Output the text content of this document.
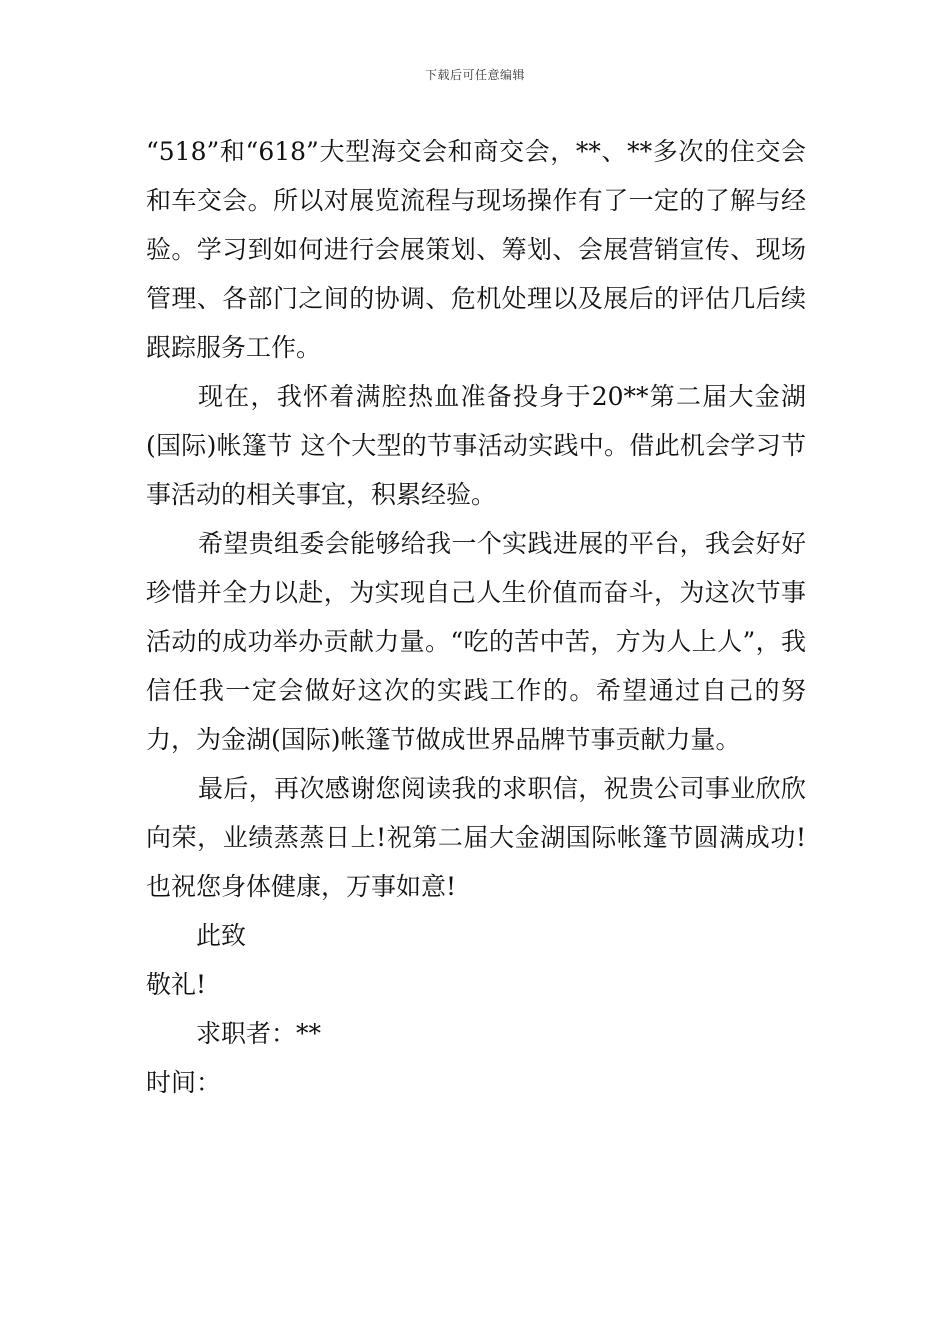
下载后可任意编辑

“518”和“618”大型海交会和商交会，**、**多次的住交会和车交会。所以对展览流程与现场操作有了一定的了解与经验。学习到如何进行会展策划、筹划、会展营销宣传、现场管理、各部门之间的协调、危机处理以及展后的评估几后续跟踪服务工作。

现在，我怀着满腔热血准备投身于20**第二届大金湖(国际)帐篷节 这个大型的节事活动实践中。借此机会学习节事活动的相关事宜，积累经验。

希望贵组委会能够给我一个实践进展的平台，我会好好珍惜并全力以赴，为实现自己人生价值而奋斗，为这次节事活动的成功举办贡献力量。“吃的苦中苦，方为人上人”，我信任我一定会做好这次的实践工作的。希望通过自己的努力，为金湖(国际)帐篷节做成世界品牌节事贡献力量。

最后，再次感谢您阅读我的求职信，祝贵公司事业欣欣向荣，业绩蒸蒸日上!祝第二届大金湖国际帐篷节圆满成功!也祝您身体健康，万事如意!

此致

敬礼!

求职者：**

时间：
